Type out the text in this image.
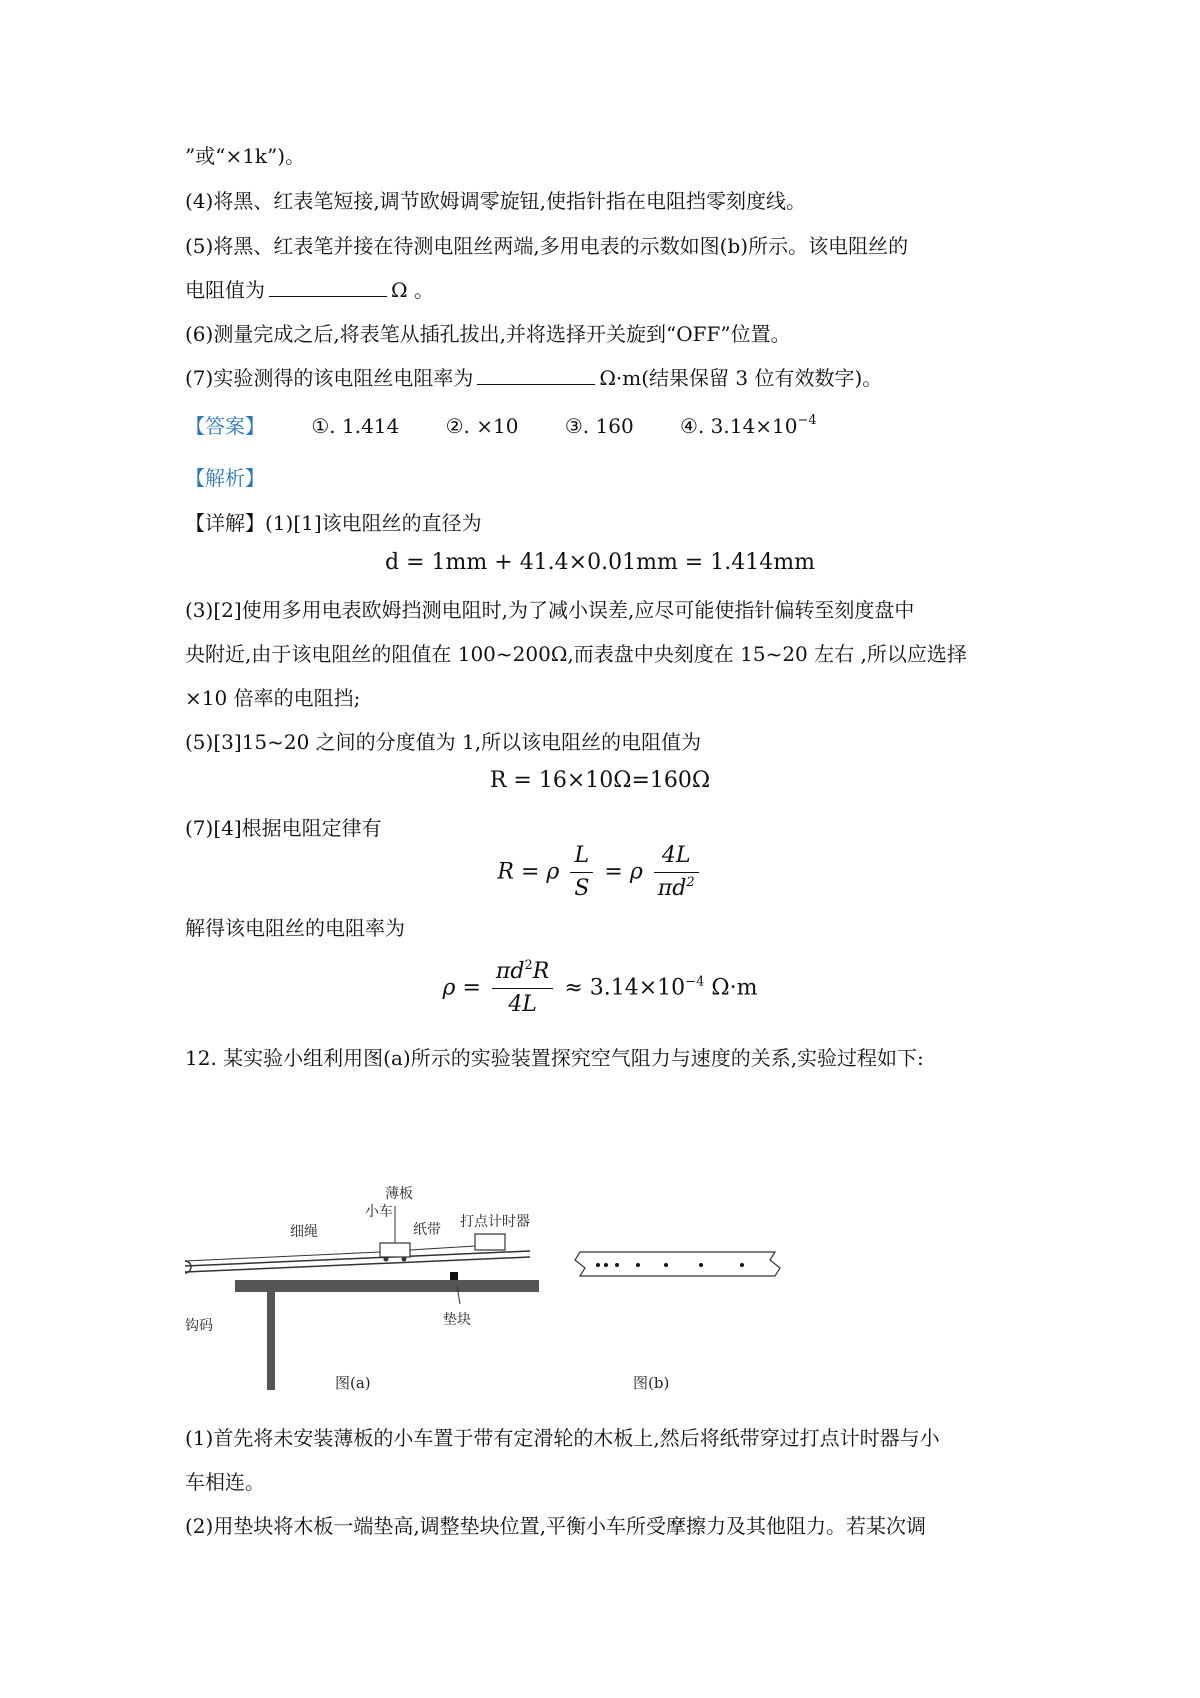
”或“×1k”)。
(4)将黑、红表笔短接,调节欧姆调零旋钮,使指针指在电阻挡零刻度线。
(5)将黑、红表笔并接在待测电阻丝两端,多用电表的示数如图(b)所示。该电阻丝的
电阻值为	Ω 。
(6)测量完成之后,将表笔从插孔拔出,并将选择开关旋到“OFF”位置。
(7)实验测得的该电阻丝电阻率为	Ω·m(结果保留 3 位有效数字)。
【答案】 ①. 1.414 ②. ×10 ③. 160 ④. $3.14\times 10^{-4}$
【解析】
【详解】(1)[1]该电阻丝的直径为
d = 1mm + 41.4×0.01mm = 1.414mm
(3)[2]使用多用电表欧姆挡测电阻时,为了减小误差,应尽可能使指针偏转至刻度盘中
央附近,由于该电阻丝的阻值在 100~200Ω,而表盘中央刻度在 15~20 左右 ,所以应选择
×10 倍率的电阻挡;
(5)[3]15~20 之间的分度值为 1,所以该电阻丝的电阻值为
R = 16×10Ω=160Ω
(7)[4]根据电阻定律有
R = ρ $\frac{L}{S} = \rho \frac{4L}{\pi d^2}$
解得该电阻丝的电阻率为
$\rho = \frac{\pi d^2R}{4L} \approx 3.14\times 10^{-4}$ Ω·m
12. 某实验小组利用图(a)所示的实验装置探究空气阻力与速度的关系,实验过程如下:
薄板
小车
细绳	纸带 打点计时器
垫块
钩码
图(a)	图(b)
(1)首先将未安装薄板的小车置于带有定滑轮的木板上,然后将纸带穿过打点计时器与小
车相连。
(2)用垫块将木板一端垫高,调整垫块位置,平衡小车所受摩擦力及其他阻力。若某次调
